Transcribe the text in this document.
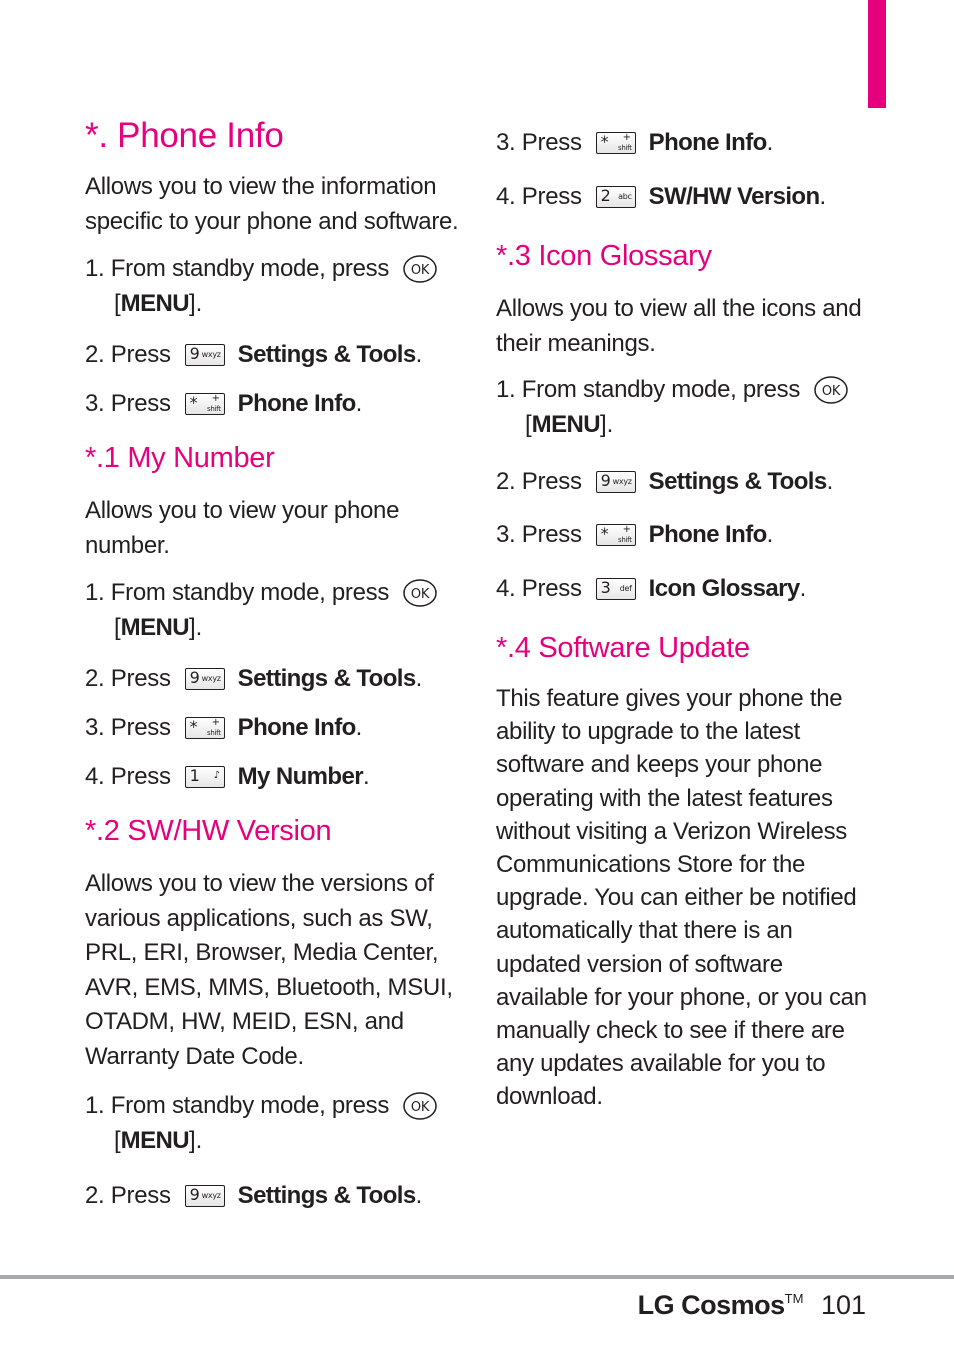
*. Phone Info
Allows you to view the information specific to your phone and software.
1.
From standby mode, press OK
[MENU].
2.
Press 9 wxyz Settings & Tools .
3.
Press * +
shift Phone Info .
*.1 My Number
Allows you to view your phone number.
1.
From standby mode, press OK
[MENU].
2.
Press 9 wxyz Settings & Tools .
3.
Press * +
shift Phone Info .
4.
Press 1 ♪ My Number .
*.2 SW/HW Version
Allows you to view the versions of various applications, such as SW, PRL, ERI, Browser, Media Center, AVR, EMS, MMS, Bluetooth, MSUI, OTADM, HW, MEID, ESN, and Warranty Date Code.
1.
From standby mode, press OK
[MENU].
2.
Press 9 wxyz Settings & Tools .
3.
Press * +
shift Phone Info .
4.
Press 2 abc SW/HW Version .
*.3 Icon Glossary
Allows you to view all the icons and their meanings.
1.
From standby mode, press OK
[MENU].
2.
Press 9 wxyz Settings & Tools .
3.
Press * +
shift Phone Info .
4.
Press 3 def Icon Glossary .
*.4 Software Update
This feature gives your phone the ability to upgrade to the latest software and keeps your phone operating with the latest features without visiting a Verizon Wireless Communications Store for the upgrade. You can either be notified automatically that there is an updated version of software available for your phone, or you can manually check to see if there are any updates available for you to download.
LG Cosmos™ 101
